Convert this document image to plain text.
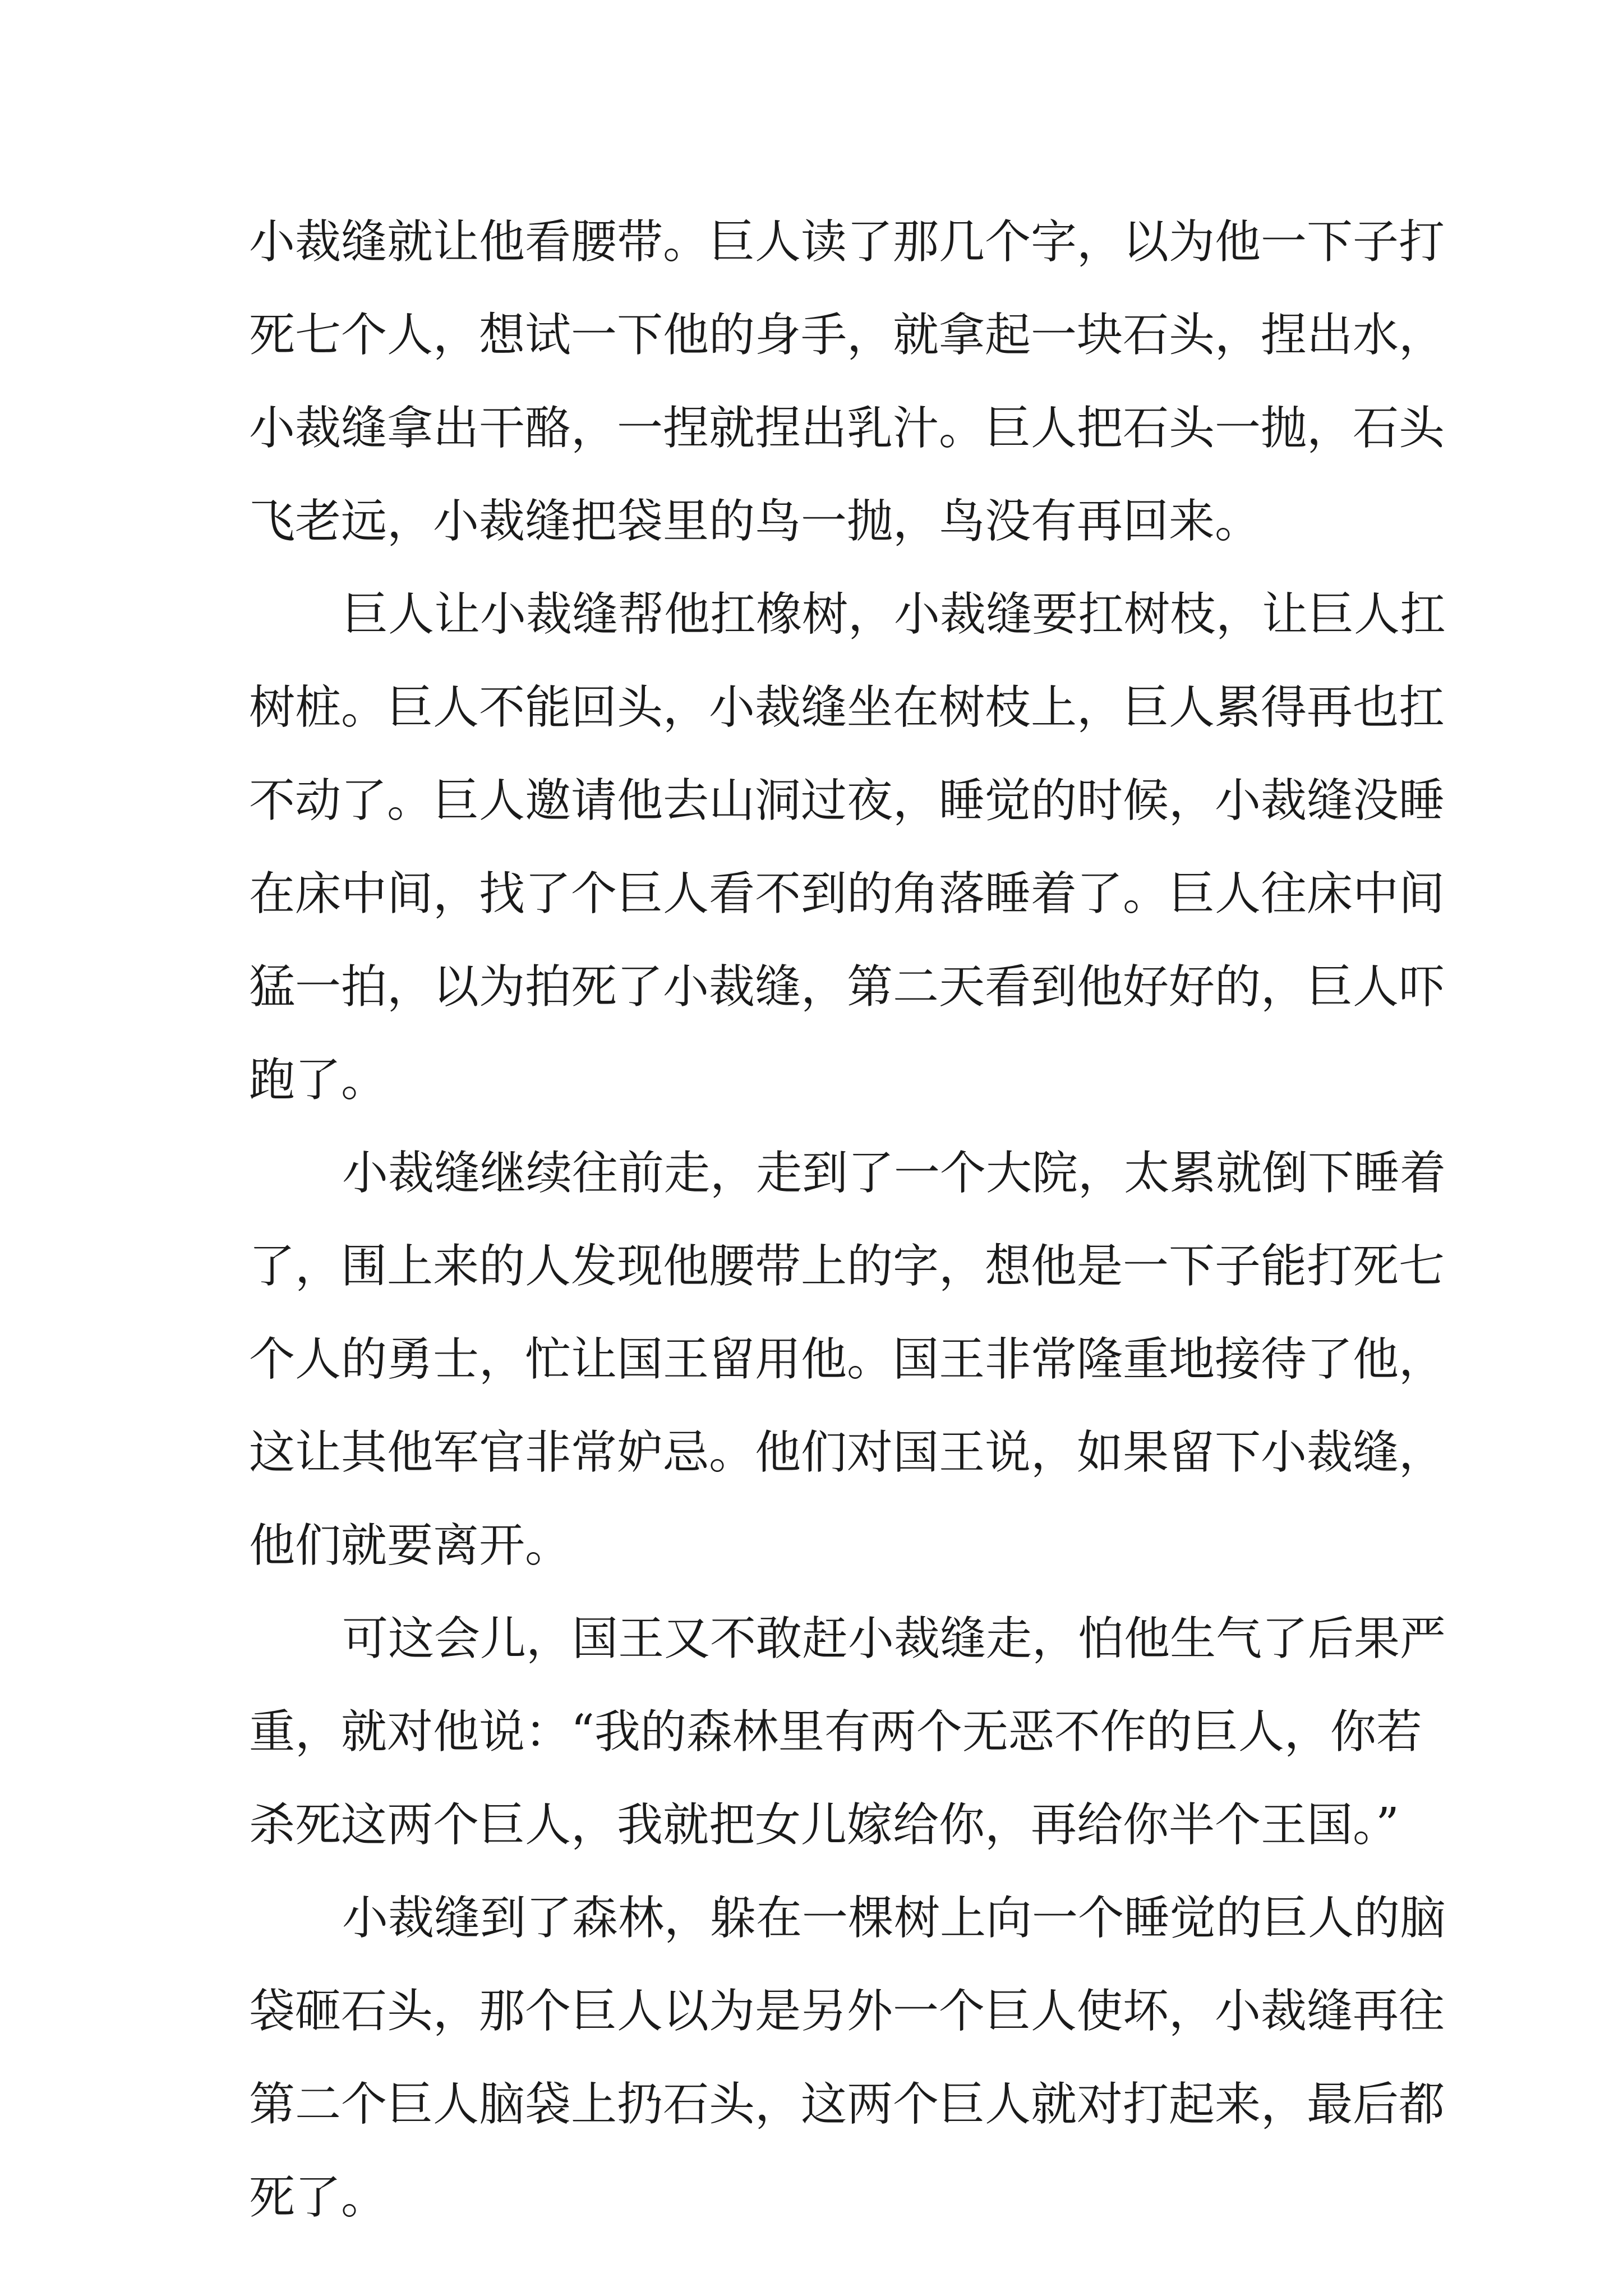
小裁缝就让他看腰带。巨人读了那几个字，以为他一下子打

死七个人，想试一下他的身手，就拿起一块石头，捏出水，

小裁缝拿出干酪，一捏就捏出乳汁。巨人把石头一抛，石头

飞老远，小裁缝把袋里的鸟一抛，鸟没有再回来。

巨人让小裁缝帮他扛橡树，小裁缝要扛树枝，让巨人扛

树桩。巨人不能回头，小裁缝坐在树枝上，巨人累得再也扛

不动了。巨人邀请他去山洞过夜，睡觉的时候，小裁缝没睡

在床中间，找了个巨人看不到的角落睡着了。巨人往床中间

猛一拍，以为拍死了小裁缝，第二天看到他好好的，巨人吓

跑了。

小裁缝继续往前走，走到了一个大院，太累就倒下睡着

了，围上来的人发现他腰带上的字，想他是一下子能打死七

个人的勇士，忙让国王留用他。国王非常隆重地接待了他，

这让其他军官非常妒忌。他们对国王说，如果留下小裁缝，

他们就要离开。

可这会儿，国王又不敢赶小裁缝走，怕他生气了后果严

重，就对他说：“我的森林里有两个无恶不作的巨人，你若

杀死这两个巨人，我就把女儿嫁给你，再给你半个王国。”

小裁缝到了森林，躲在一棵树上向一个睡觉的巨人的脑

袋砸石头，那个巨人以为是另外一个巨人使坏，小裁缝再往

第二个巨人脑袋上扔石头，这两个巨人就对打起来，最后都

死了。
